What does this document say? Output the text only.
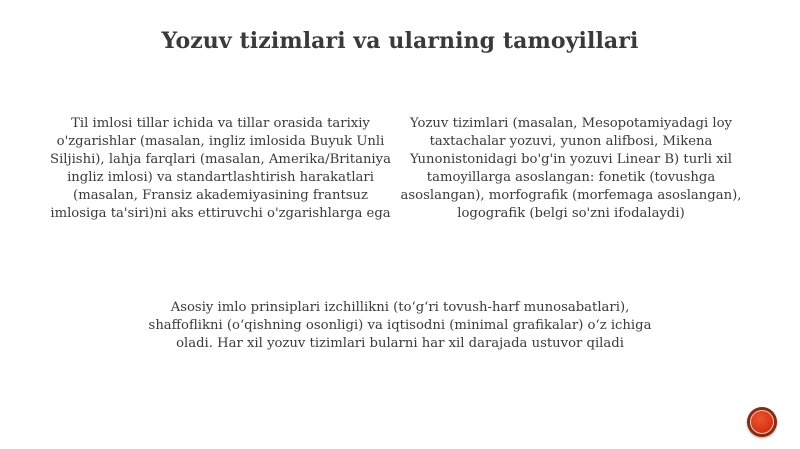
Yozuv tizimlari va ularning tamoyillari
Til imlosi tillar ichida va tillar orasida tarixiy o'zgarishlar (masalan, ingliz imlosida Buyuk Unli Siljishi), lahja farqlari (masalan, Amerika/Britaniya ingliz imlosi) va standartlashtirish harakatlari (masalan, Fransiz akademiyasining frantsuz imlosiga ta'siri)ni aks ettiruvchi o'zgarishlarga ega
Yozuv tizimlari (masalan, Mesopotamiyadagi loy taxtachalar yozuvi, yunon alifbosi, Mikena Yunonistonidagi bo'g'in yozuvi Linear B) turli xil tamoyillarga asoslangan: fonetik (tovushga asoslangan), morfografik (morfemaga asoslangan), logografik (belgi so'zni ifodalaydi)
Asosiy imlo prinsiplari izchillikni (to‘g‘ri tovush-harf munosabatlari), shaffoflikni (o‘qishning osonligi) va iqtisodni (minimal grafikalar) o‘z ichiga oladi. Har xil yozuv tizimlari bularni har xil darajada ustuvor qiladi
